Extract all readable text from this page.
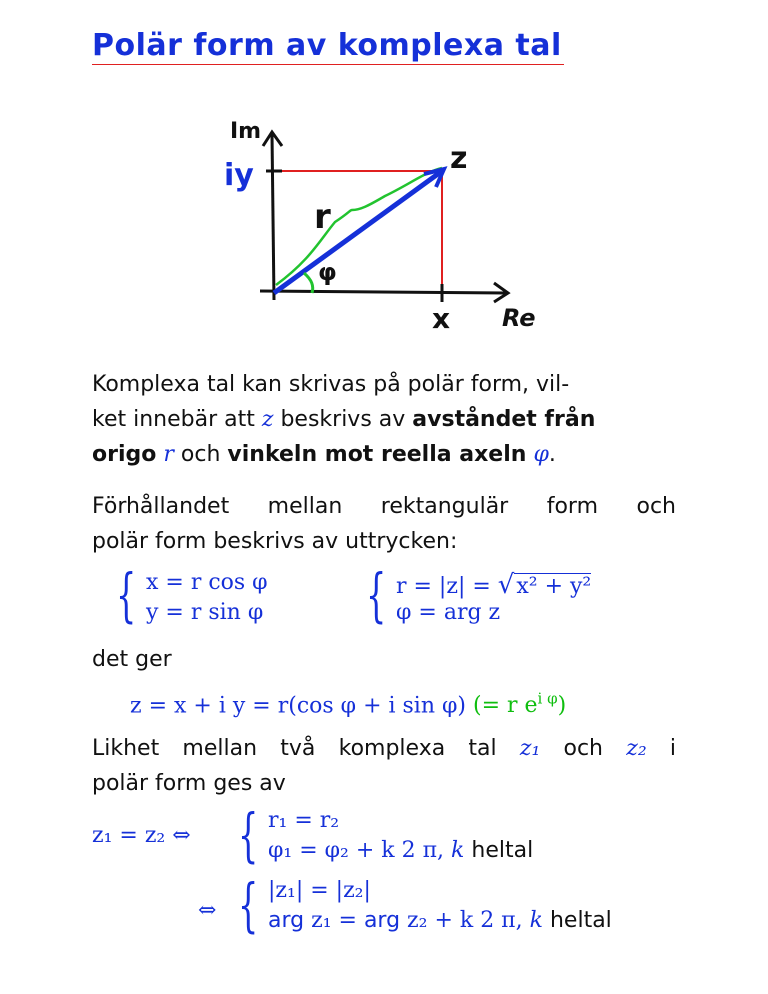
Polär form av komplexa tal
Im
iy	z
r
φ
x Re
Komplexa tal kan skrivas på polär form, vil-
ket innebär att z beskrivs av avståndet från
origo r och vinkeln mot reella axeln φ.
Förhållandet mellan rektangulär form och
polär form beskrivs av uttrycken:
{ x = r cos φ
y = r sin φ { r = |z| = √x² + y²
φ = arg z
det ger
z = x + i y = r(cos φ + i sin φ) (= r $e^{i \varphi}$)
Likhet mellan två komplexa tal z₁ och z₂ i
polär form ges av
z₁ = z₂ ⇔ { r₁ = r₂
φ₁ = φ₂ + k 2 π, k heltal
⇔ { |z₁| = |z₂|
arg z₁ = arg z₂ + k 2 π, k heltal
